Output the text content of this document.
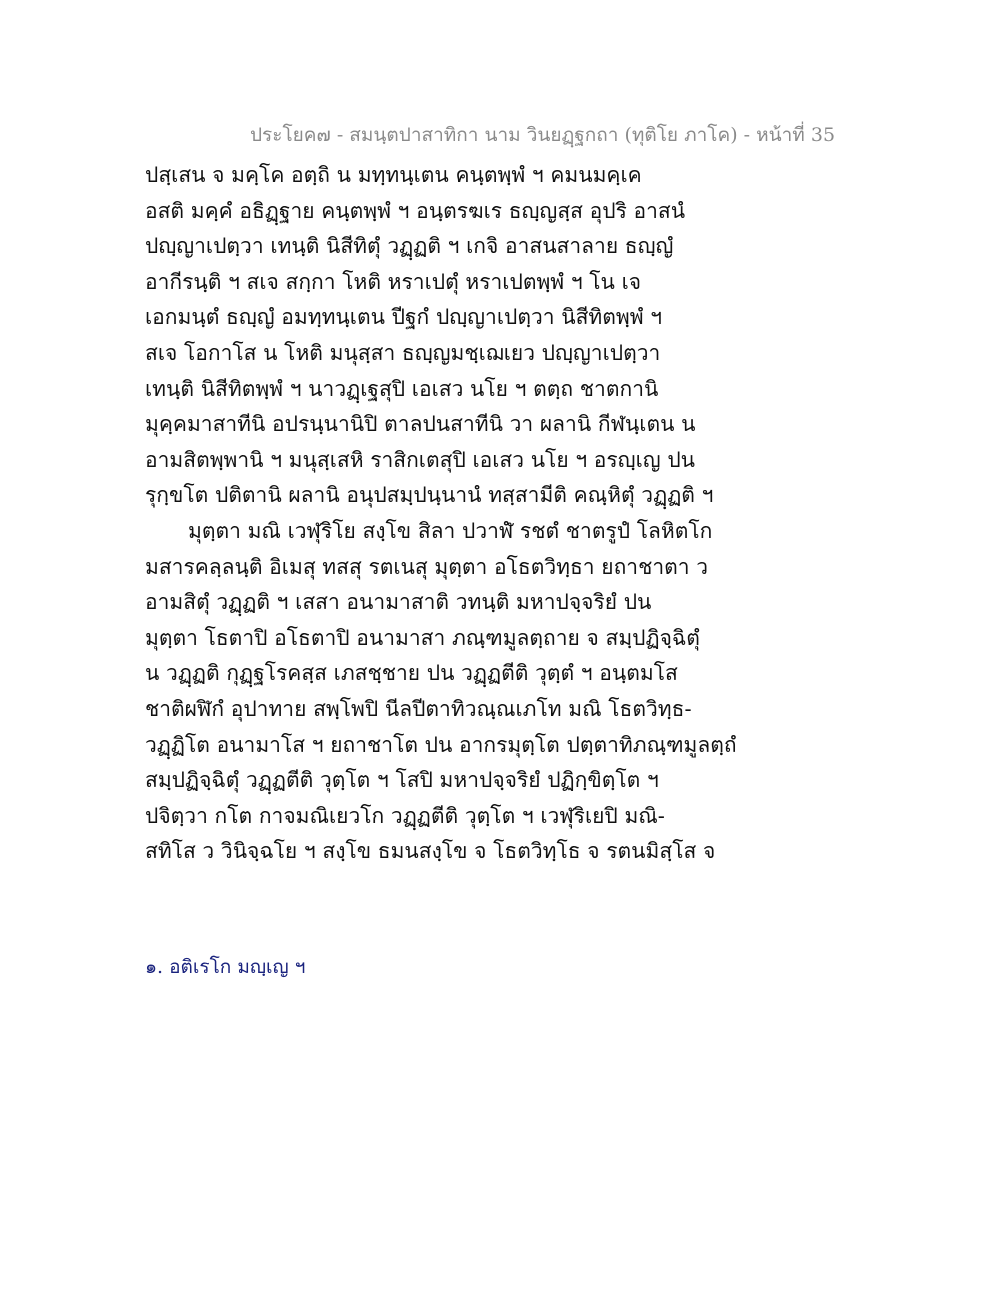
ประโยค๗ - สมนฺตปาสาทิกา นาม วินยฏฺฐกถา (ทุติโย ภาโค) - หน้าที่ 35
ปสฺเสน จ มคฺโค อตฺถิ น มทฺทนฺเตน คนฺตพฺพํ ฯ คมนมคฺเค
อสติ มคฺคํ อธิฏฺฐาย คนฺตพฺพํ ฯ อนฺตรฆเร ธญฺญสฺส อุปริ อาสนํ
ปญฺญาเปตฺวา เทนฺติ นิสีทิตุํ วฏฺฏติ ฯ เกจิ อาสนสาลาย ธญฺญํ
อากีรนฺติ ฯ สเจ สกฺกา โหติ หราเปตุํ หราเปตพฺพํ ฯ โน เจ
เอกมนฺตํ ธญฺญํ อมทฺทนฺเตน ปีฐกํ ปญฺญาเปตฺวา นิสีทิตพฺพํ ฯ
สเจ โอกาโส น โหติ มนุสฺสา ธญฺญมชฺเฌเยว ปญฺญาเปตฺวา
เทนฺติ นิสีทิตพฺพํ ฯ นาวฏฺเฐสุปิ เอเสว นโย ฯ ตตฺถ ชาตกานิ
มุคฺคมาสาทีนิ อปรนฺนานิปิ ตาลปนสาทีนิ วา ผลานิ กีฬนฺเตน น
อามสิตพฺพานิ ฯ มนุสฺเสหิ ราสิกเตสุปิ เอเสว นโย ฯ อรญฺเญ ปน
รุกฺขโต ปติตานิ ผลานิ อนุปสมฺปนฺนานํ ทสฺสามีติ คณฺหิตุํ วฏฺฏติ ฯ
มุตฺตา มณิ เวฬุริโย สงฺโข สิลา ปวาฬํ รชตํ ชาตรูปํ โลหิตโก
มสารคลฺลนฺติ อิเมสุ ทสสุ รตเนสุ มุตฺตา อโธตวิทฺธา ยถาชาตา ว
อามสิตุํ วฏฺฏติ ฯ เสสา อนามาสาติ วทนฺติ มหาปจฺจริยํ ปน
มุตฺตา โธตาปิ อโธตาปิ อนามาสา ภณฺฑมูลตฺถาย จ สมฺปฏิจฺฉิตุํ
น วฏฺฏติ กุฏฺฐโรคสฺส เภสชฺชาย ปน วฏฺฏตีติ วุตฺตํ ฯ อนฺตมโส
ชาติผฬิกํ อุปาทาย สพฺโพปิ นีลปีตาทิวณฺณเภโท มณิ โธตวิทฺธ-
วฏฺฏิโต อนามาโส ฯ ยถาชาโต ปน อากรมุตฺโต ปตฺตาทิภณฺฑมูลตฺถํ
สมฺปฏิจฺฉิตุํ วฏฺฏตีติ วุตฺโต ฯ โสปิ มหาปจฺจริยํ ปฏิกฺขิตฺโต ฯ
ปจิตฺวา กโต กาจมณิเยวโก วฏฺฏตีติ วุตฺโต ฯ เวฬุริเยปิ มณิ-
สทิโส ว วินิจฺฉโย ฯ สงฺโข ธมนสงฺโข จ โธตวิทฺโธ จ รตนมิสฺโส จ
๑. อติเรโก มญฺเญ ฯ
